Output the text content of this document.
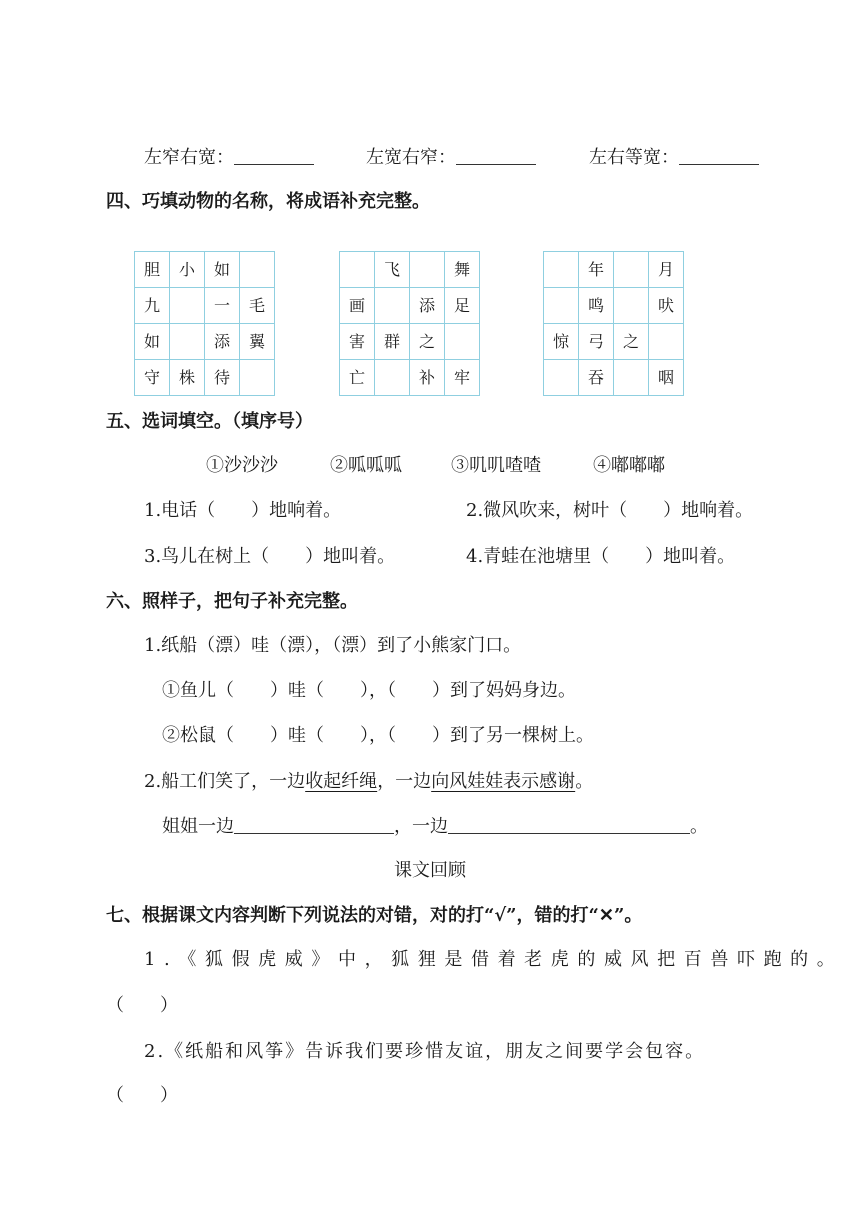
左窄右宽：	左宽右窄：	左右等宽：
四、巧填动物的名称，将成语补充完整。
胆	小	如	
九		一	毛
如		添	翼
守	株	待	
	飞		舞
画		添	足
害	群	之	
亡		补	牢
	年		月
	鸣		吠
惊	弓	之	
	吞		咽
五、选词填空。（填序号）
①沙沙沙	②呱呱呱	③叽叽喳喳	④嘟嘟嘟
1.电话（　　）地响着。	2.微风吹来，树叶（　　）地响着。
3.鸟儿在树上（　　）地叫着。	4.青蛙在池塘里（　　）地叫着。
六、照样子，把句子补充完整。
1.纸船（漂）哇（漂），（漂）到了小熊家门口。
①鱼儿（　　）哇（　　），（　　）到了妈妈身边。
②松鼠（　　）哇（　　），（　　）到了另一棵树上。
2.船工们笑了，一边收起纤绳，一边向风娃娃表示感谢。
姐姐一边	，一边	。
课文回顾
七、根据课文内容判断下列说法的对错，对的打“√”，错的打“✕”。
1.《狐假虎威》中，狐狸是借着老虎的威风把百兽吓跑的。
（　　）
2.《纸船和风筝》告诉我们要珍惜友谊，朋友之间要学会包容。
（　　）
